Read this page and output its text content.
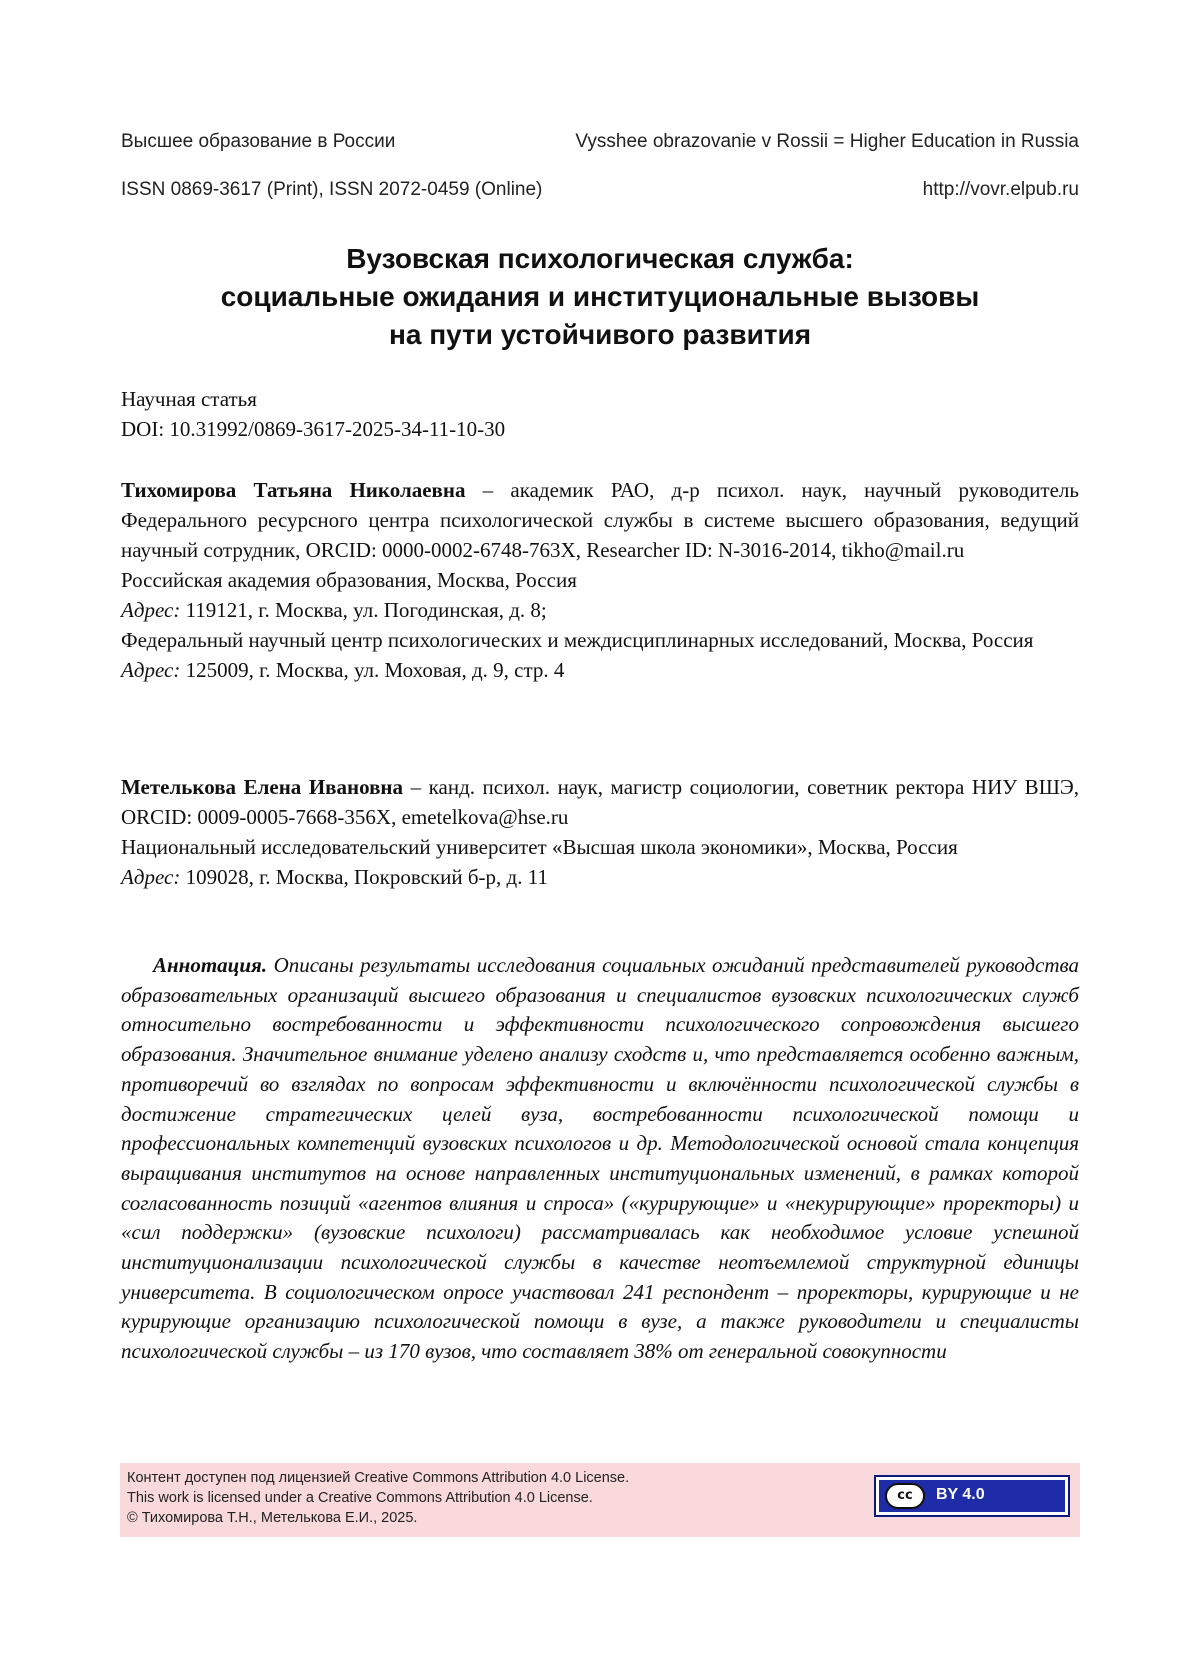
Высшее образование в России	Vysshee obrazovanie v Rossii = Higher Education in Russia
ISSN 0869-3617 (Print), ISSN 2072-0459 (Online)	http://vovr.elpub.ru
Вузовская психологическая служба:
социальные ожидания и институциональные вызовы
на пути устойчивого развития
Научная статья
DOI: 10.31992/0869-3617-2025-34-11-10-30

Тихомирова Татьяна Николаевна – академик РАО, д-р психол. наук, научный руководитель Федерального ресурсного центра психологической службы в системе высшего образования, ведущий научный сотрудник, ORCID: 0000-0002-6748-763X, Researcher ID: N-3016-2014, tikho@mail.ru

Российская академия образования, Москва, Россия

Адрес: 119121, г. Москва, ул. Погодинская, д. 8;

Федеральный научный центр психологических и междисциплинарных исследований, Москва, Россия

Адрес: 125009, г. Москва, ул. Моховая, д. 9, стр. 4

Метелькова Елена Ивановна – канд. психол. наук, магистр социологии, советник ректора НИУ ВШЭ, ORCID: 0009-0005-7668-356X, emetelkova@hse.ru

Национальный исследовательский университет «Высшая школа экономики», Москва, Россия

Адрес: 109028, г. Москва, Покровский б-р, д. 11

Аннотация. Описаны результаты исследования социальных ожиданий представителей руководства образовательных организаций высшего образования и специалистов вузовских психологических служб относительно востребованности и эффективности психологического сопровождения высшего образования. Значительное внимание уделено анализу сходств и, что представляется особенно важным, противоречий во взглядах по вопросам эффективности и включённости психологической службы в достижение стратегических целей вуза, востребованности психологической помощи и профессиональных компетенций вузовских психологов и др. Методологической основой стала концепция выращивания институтов на основе направленных институциональных изменений, в рамках которой согласованность позиций «агентов влияния и спроса» («курирующие» и «некурирующие» проректоры) и «сил поддержки» (вузовские психологи) рассматривалась как необходимое условие успешной институционализации психологической службы в качестве неотъемлемой структурной единицы университета. В социологическом опросе участвовал 241 респондент – проректоры, курирующие и не курирующие организацию психологической помощи в вузе, а также руководители и специалисты психологической службы – из 170 вузов, что составляет 38% от генеральной совокупности
Контент доступен под лицензией Creative Commons Attribution 4.0 License.
This work is licensed under a Creative Commons Attribution 4.0 License.
© Тихомирова Т.Н., Метелькова Е.И., 2025.
cc	BY 4.0
